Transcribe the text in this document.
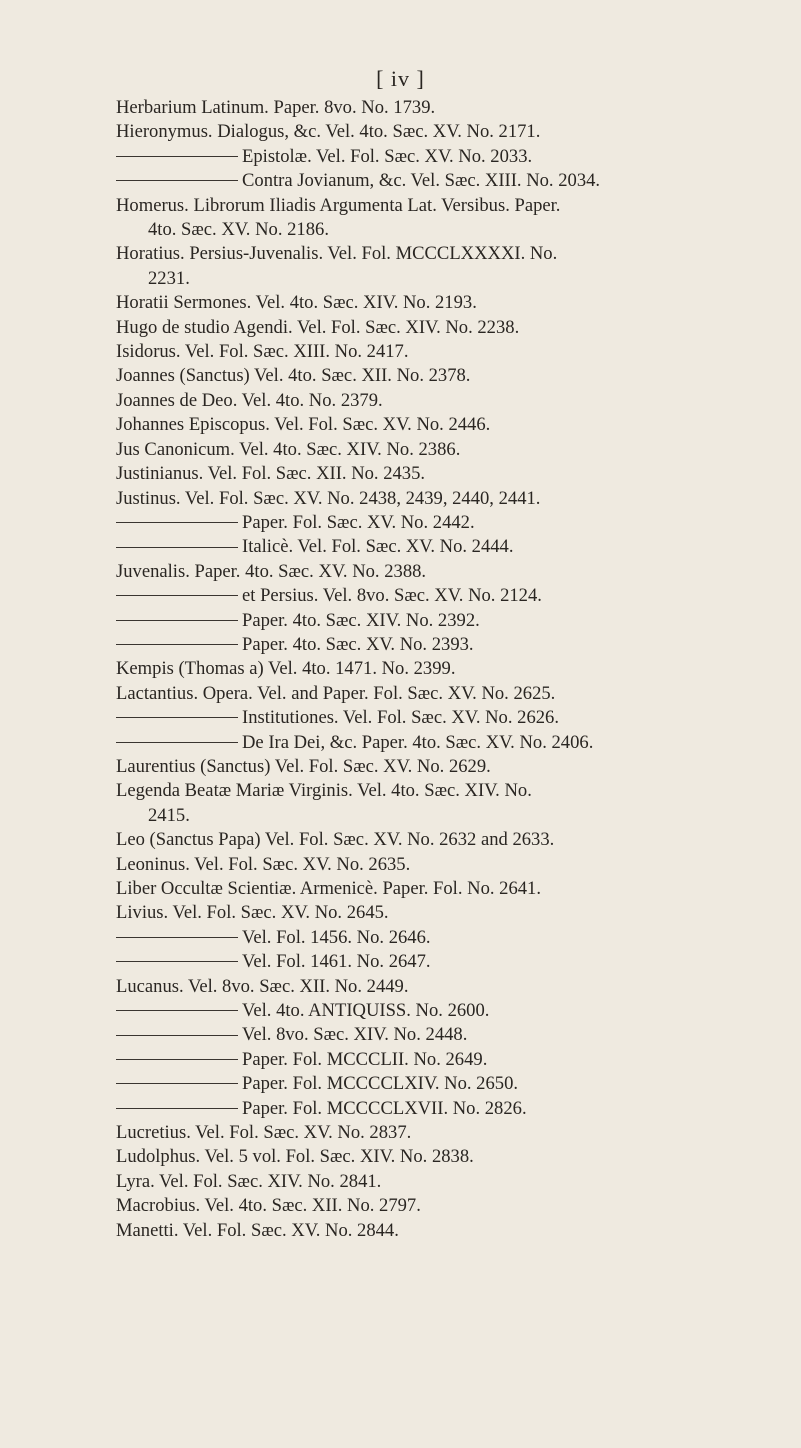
[ iv ]
Herbarium Latinum. Paper. 8vo. No. 1739.
Hieronymus. Dialogus, &c. Vel. 4to. Sæc. XV. No. 2171.
Epistolæ. Vel. Fol. Sæc. XV. No. 2033.
Contra Jovianum, &c. Vel. Sæc. XIII. No. 2034.
Homerus. Librorum Iliadis Argumenta Lat. Versibus. Paper.
4to. Sæc. XV. No. 2186.
Horatius. Persius-Juvenalis. Vel. Fol. MCCCLXXXXI. No.
2231.
Horatii Sermones. Vel. 4to. Sæc. XIV. No. 2193.
Hugo de studio Agendi. Vel. Fol. Sæc. XIV. No. 2238.
Isidorus. Vel. Fol. Sæc. XIII. No. 2417.
Joannes (Sanctus) Vel. 4to. Sæc. XII. No. 2378.
Joannes de Deo. Vel. 4to. No. 2379.
Johannes Episcopus. Vel. Fol. Sæc. XV. No. 2446.
Jus Canonicum. Vel. 4to. Sæc. XIV. No. 2386.
Justinianus. Vel. Fol. Sæc. XII. No. 2435.
Justinus. Vel. Fol. Sæc. XV. No. 2438, 2439, 2440, 2441.
Paper. Fol. Sæc. XV. No. 2442.
Italicè. Vel. Fol. Sæc. XV. No. 2444.
Juvenalis. Paper. 4to. Sæc. XV. No. 2388.
et Persius. Vel. 8vo. Sæc. XV. No. 2124.
Paper. 4to. Sæc. XIV. No. 2392.
Paper. 4to. Sæc. XV. No. 2393.
Kempis (Thomas a) Vel. 4to. 1471. No. 2399.
Lactantius. Opera. Vel. and Paper. Fol. Sæc. XV. No. 2625.
Institutiones. Vel. Fol. Sæc. XV. No. 2626.
De Ira Dei, &c. Paper. 4to. Sæc. XV. No. 2406.
Laurentius (Sanctus) Vel. Fol. Sæc. XV. No. 2629.
Legenda Beatæ Mariæ Virginis. Vel. 4to. Sæc. XIV. No.
2415.
Leo (Sanctus Papa) Vel. Fol. Sæc. XV. No. 2632 and 2633.
Leoninus. Vel. Fol. Sæc. XV. No. 2635.
Liber Occultæ Scientiæ. Armenicè. Paper. Fol. No. 2641.
Livius. Vel. Fol. Sæc. XV. No. 2645.
Vel. Fol. 1456. No. 2646.
Vel. Fol. 1461. No. 2647.
Lucanus. Vel. 8vo. Sæc. XII. No. 2449.
Vel. 4to. ANTIQUISS. No. 2600.
Vel. 8vo. Sæc. XIV. No. 2448.
Paper. Fol. MCCCLII. No. 2649.
Paper. Fol. MCCCCLXIV. No. 2650.
Paper. Fol. MCCCCLXVII. No. 2826.
Lucretius. Vel. Fol. Sæc. XV. No. 2837.
Ludolphus. Vel. 5 vol. Fol. Sæc. XIV. No. 2838.
Lyra. Vel. Fol. Sæc. XIV. No. 2841.
Macrobius. Vel. 4to. Sæc. XII. No. 2797.
Manetti. Vel. Fol. Sæc. XV. No. 2844.
